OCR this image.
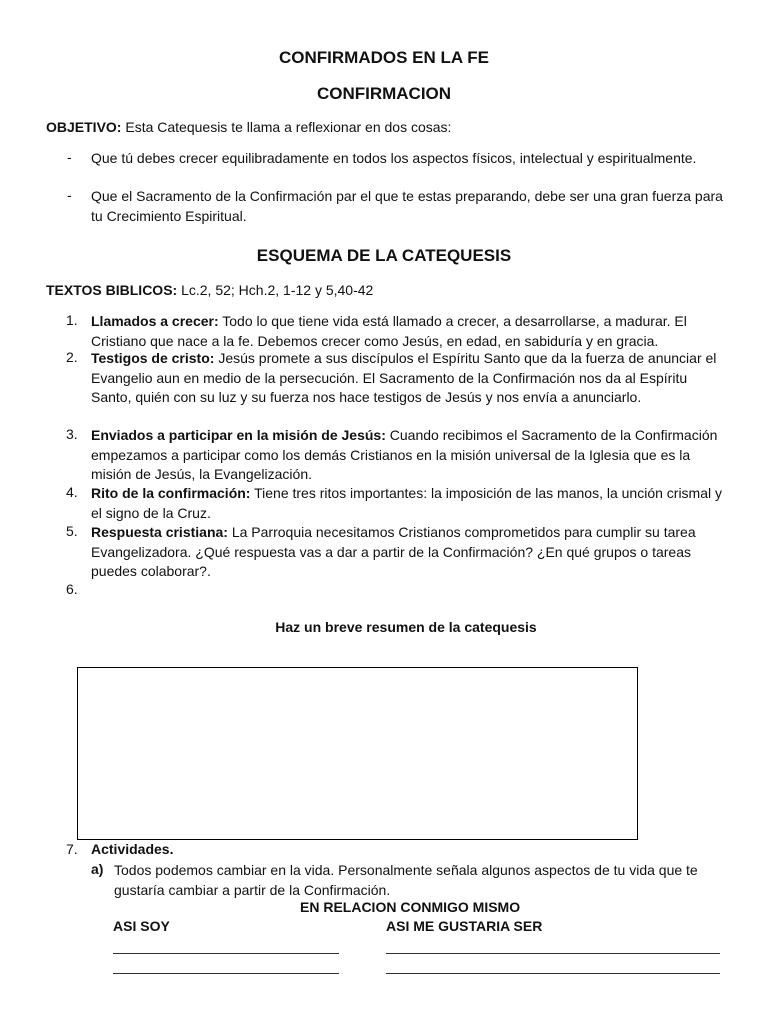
CONFIRMADOS EN LA FE
CONFIRMACION
OBJETIVO: Esta Catequesis te llama a reflexionar en dos cosas:
- Que tú debes crecer equilibradamente en todos los aspectos físicos, intelectual y espiritualmente.
- Que el Sacramento de la Confirmación par el que te estas preparando, debe ser una gran fuerza para tu Crecimiento Espiritual.
ESQUEMA DE LA CATEQUESIS
TEXTOS BIBLICOS: Lc.2, 52; Hch.2, 1-12 y 5,40-42
1. Llamados a crecer: Todo lo que tiene vida está llamado a crecer, a desarrollarse, a madurar. El Cristiano que nace a la fe. Debemos crecer como Jesús, en edad, en sabiduría y en gracia.
2. Testigos de cristo: Jesús promete a sus discípulos el Espíritu Santo que da la fuerza de anunciar el Evangelio aun en medio de la persecución. El Sacramento de la Confirmación nos da al Espíritu Santo, quién con su luz y su fuerza nos hace testigos de Jesús y nos envía a anunciarlo.
3. Enviados a participar en la misión de Jesús: Cuando recibimos el Sacramento de la Confirmación empezamos a participar como los demás Cristianos en la misión universal de la Iglesia que es la misión de Jesús, la Evangelización.
4. Rito de la confirmación: Tiene tres ritos importantes: la imposición de las manos, la unción crismal y el signo de la Cruz.
5. Respuesta cristiana: La Parroquia necesitamos Cristianos comprometidos para cumplir su tarea Evangelizadora. ¿Qué respuesta vas a dar a partir de la Confirmación? ¿En qué grupos o tareas puedes colaborar?.
6.
Haz un breve resumen de la catequesis
7. Actividades.
a) Todos podemos cambiar en la vida. Personalmente señala algunos aspectos de tu vida que te gustaría cambiar a partir de la Confirmación.
EN RELACION CONMIGO MISMO
ASI SOY	ASI ME GUSTARIA SER
